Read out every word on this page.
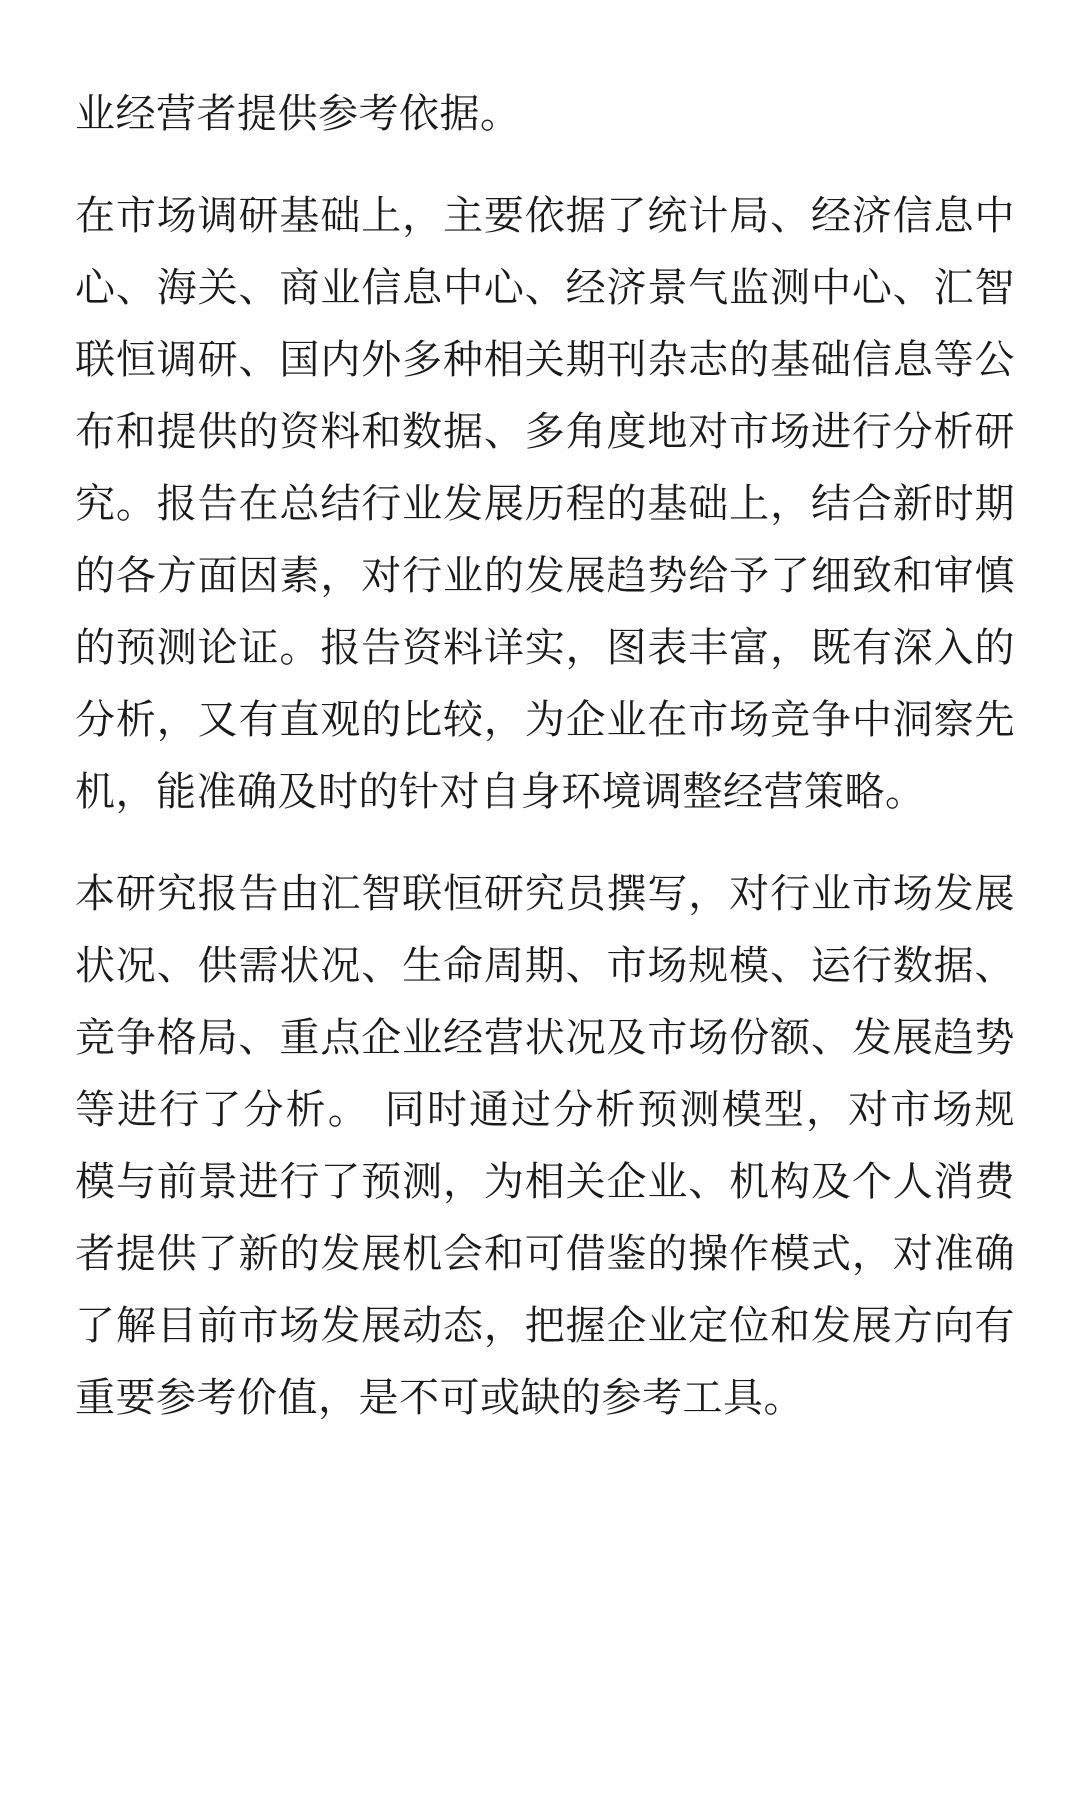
业经营者提供参考依据。

在市场调研基础上，主要依据了统计局、经济信息中心、海关、商业信息中心、经济景气监测中心、汇智联恒调研、国内外多种相关期刊杂志的基础信息等公布和提供的资料和数据、多角度地对市场进行分析研究。报告在总结行业发展历程的基础上，结合新时期的各方面因素，对行业的发展趋势给予了细致和审慎的预测论证。报告资料详实，图表丰富，既有深入的分析，又有直观的比较，为企业在市场竞争中洞察先机，能准确及时的针对自身环境调整经营策略。

本研究报告由汇智联恒研究员撰写，对行业市场发展状况、供需状况、生命周期、市场规模、运行数据、竞争格局、重点企业经营状况及市场份额、发展趋势等进行了分析。 同时通过分析预测模型，对市场规模与前景进行了预测，为相关企业、机构及个人消费者提供了新的发展机会和可借鉴的操作模式，对准确了解目前市场发展动态，把握企业定位和发展方向有重要参考价值，是不可或缺的参考工具。
